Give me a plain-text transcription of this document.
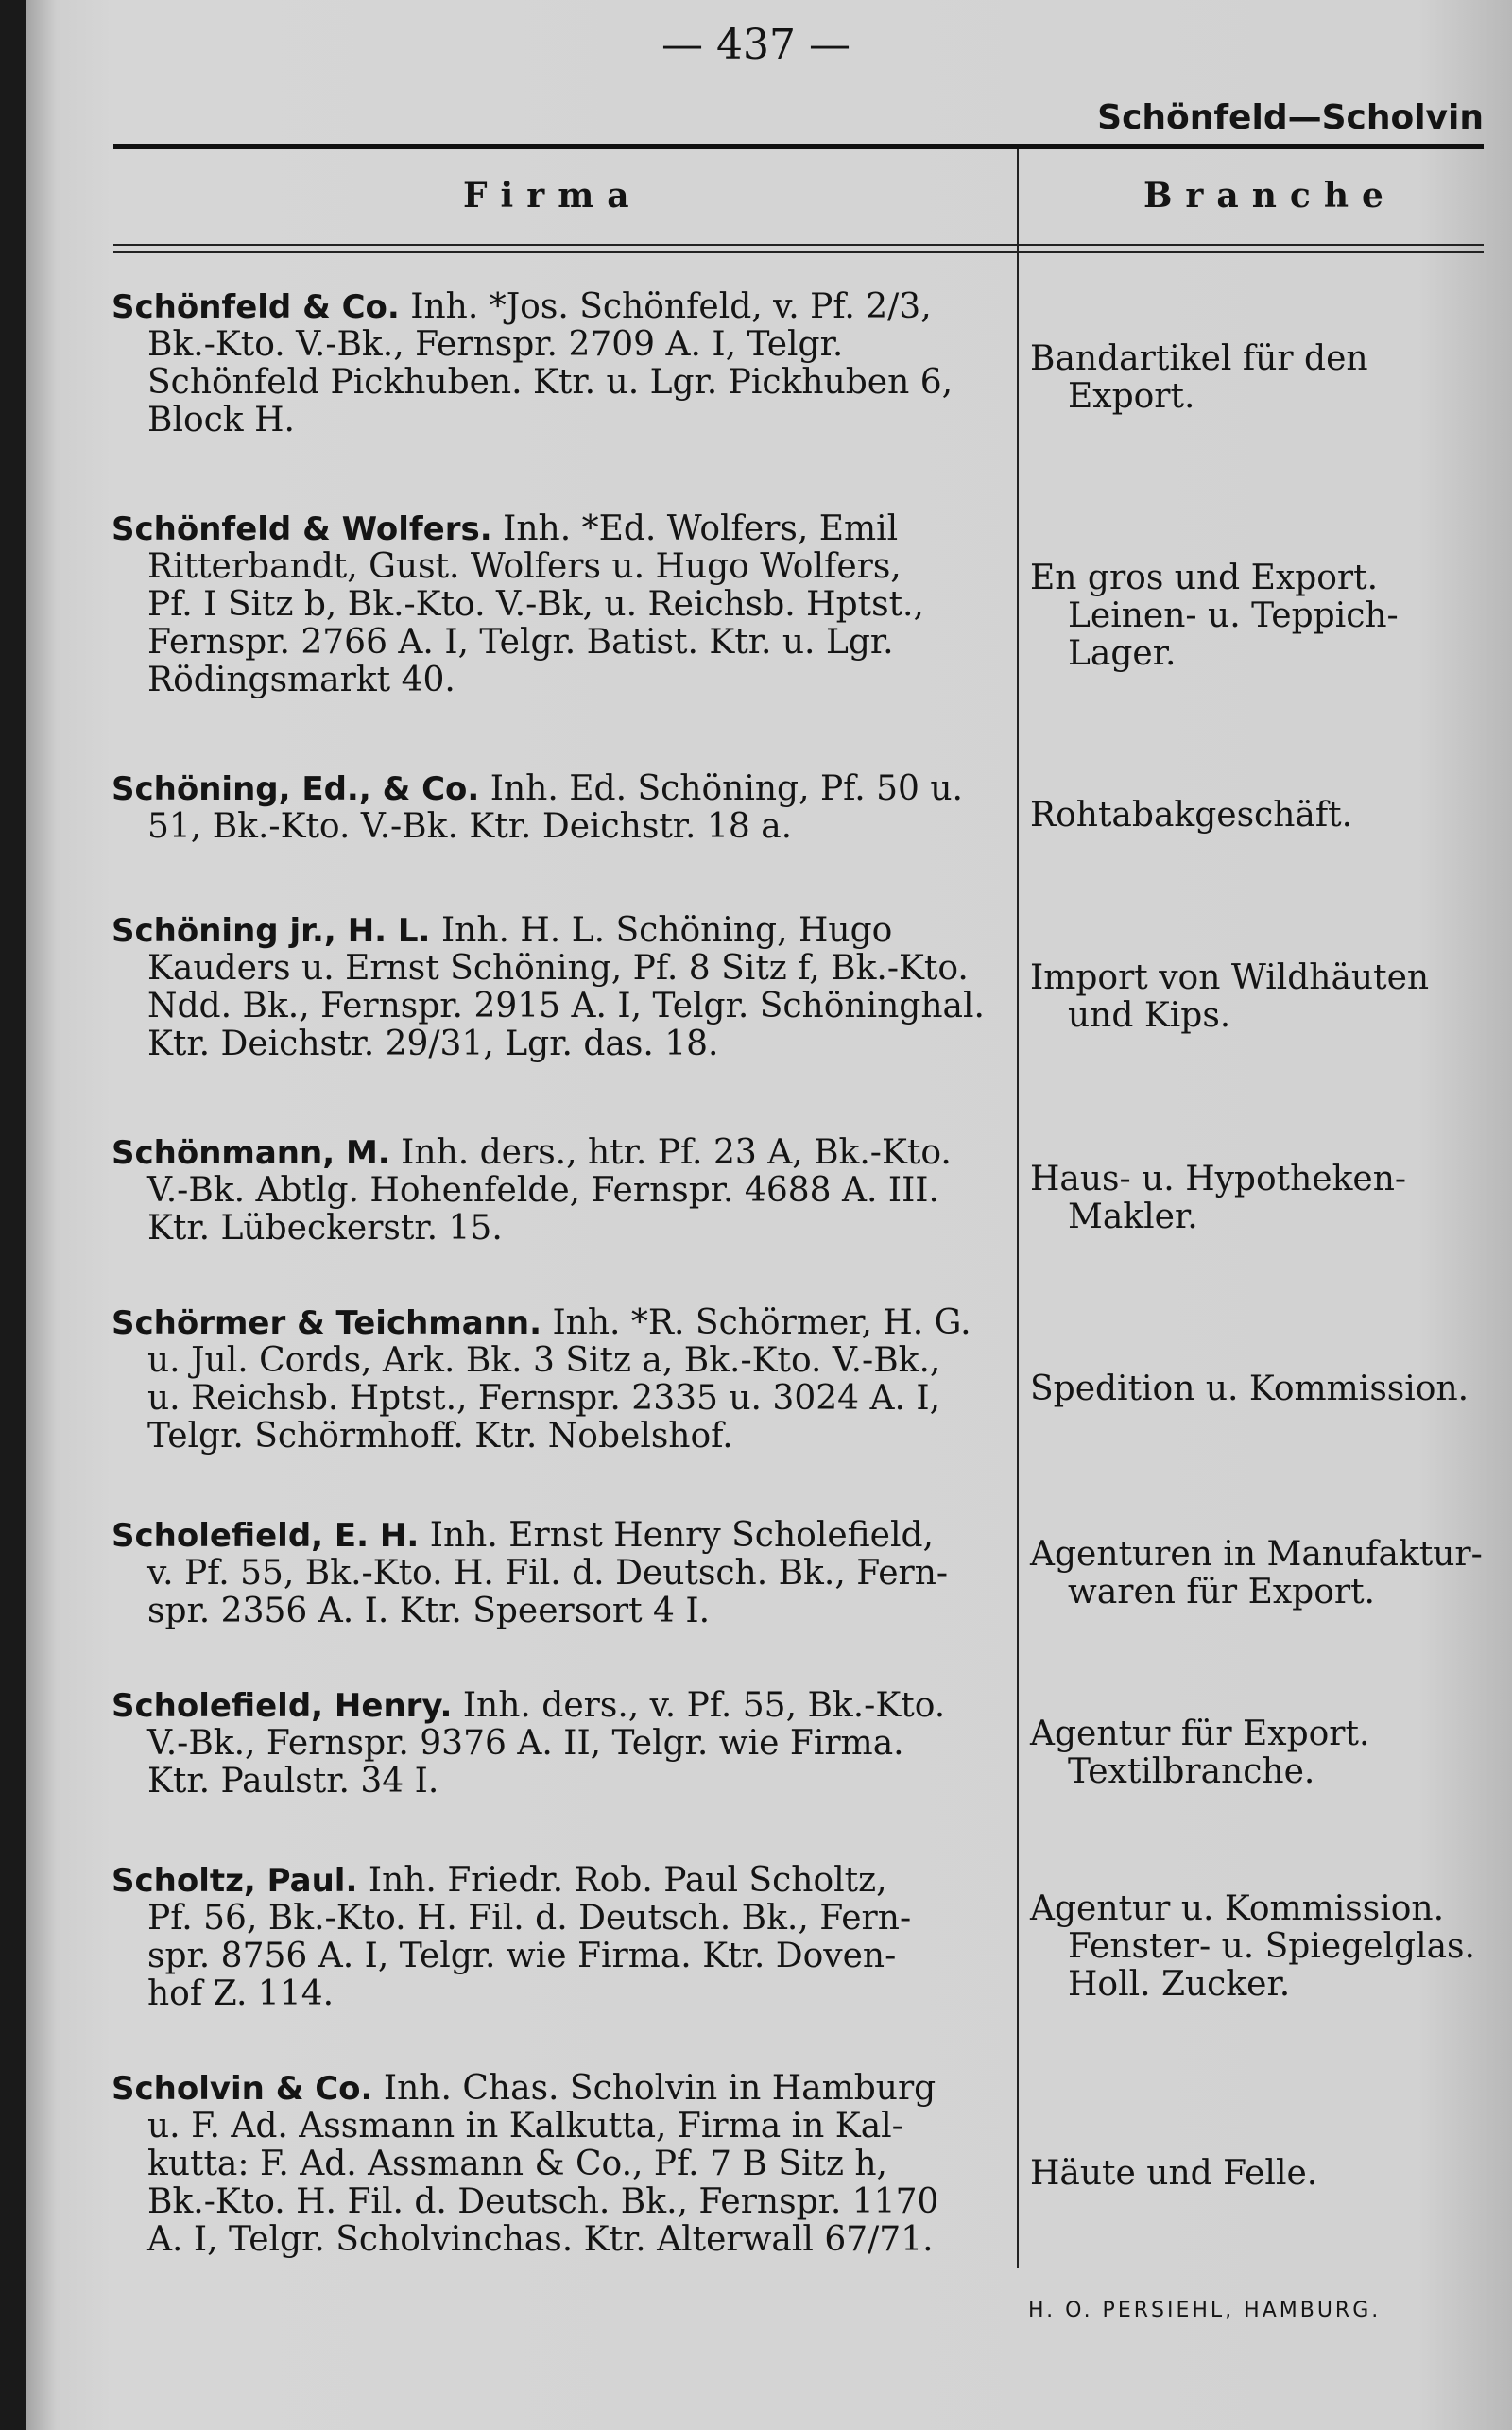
— 437 —
Schönfeld—Scholvin
Firma	Branche
Schönfeld & Co. Inh. *Jos. Schönfeld, v. Pf. 2/3,
Bk.-Kto. V.-Bk., Fernspr. 2709 A. I, Telgr.
Schönfeld Pickhuben. Ktr. u. Lgr. Pickhuben 6,
Block H.
Bandartikel für den
Export.
Schönfeld & Wolfers. Inh. *Ed. Wolfers, Emil
Ritterbandt, Gust. Wolfers u. Hugo Wolfers,
Pf. I Sitz b, Bk.-Kto. V.-Bk, u. Reichsb. Hptst.,
Fernspr. 2766 A. I, Telgr. Batist. Ktr. u. Lgr.
Rödingsmarkt 40.
En gros und Export.
Leinen- u. Teppich-
Lager.
Schöning, Ed., & Co. Inh. Ed. Schöning, Pf. 50 u.
51, Bk.-Kto. V.-Bk. Ktr. Deichstr. 18 a.	Rohtabakgeschäft.
Schöning jr., H. L. Inh. H. L. Schöning, Hugo
Kauders u. Ernst Schöning, Pf. 8 Sitz f, Bk.-Kto.
Ndd. Bk., Fernspr. 2915 A. I, Telgr. Schöninghal.
Ktr. Deichstr. 29/31, Lgr. das. 18.
Import von Wildhäuten
und Kips.
Schönmann, M. Inh. ders., htr. Pf. 23 A, Bk.-Kto.
V.-Bk. Abtlg. Hohenfelde, Fernspr. 4688 A. III.
Ktr. Lübeckerstr. 15.
Haus- u. Hypotheken-
Makler.
Schörmer & Teichmann. Inh. *R. Schörmer, H. G.
u. Jul. Cords, Ark. Bk. 3 Sitz a, Bk.-Kto. V.-Bk.,
u. Reichsb. Hptst., Fernspr. 2335 u. 3024 A. I,
Telgr. Schörmhoff. Ktr. Nobelshof.
Spedition u. Kommission.
Scholefield, E. H. Inh. Ernst Henry Scholefield,
v. Pf. 55, Bk.-Kto. H. Fil. d. Deutsch. Bk., Fern-
spr. 2356 A. I. Ktr. Speersort 4 I.
Agenturen in Manufaktur-
waren für Export.
Scholefield, Henry. Inh. ders., v. Pf. 55, Bk.-Kto.
V.-Bk., Fernspr. 9376 A. II, Telgr. wie Firma.
Ktr. Paulstr. 34 I.
Agentur für Export.
Textilbranche.
Scholtz, Paul. Inh. Friedr. Rob. Paul Scholtz,
Pf. 56, Bk.-Kto. H. Fil. d. Deutsch. Bk., Fern-
spr. 8756 A. I, Telgr. wie Firma. Ktr. Doven-
hof Z. 114.
Agentur u. Kommission.
Fenster- u. Spiegelglas.
Holl. Zucker.
Scholvin & Co. Inh. Chas. Scholvin in Hamburg
u. F. Ad. Assmann in Kalkutta, Firma in Kal-
kutta: F. Ad. Assmann & Co., Pf. 7 B Sitz h,
Bk.-Kto. H. Fil. d. Deutsch. Bk., Fernspr. 1170
A. I, Telgr. Scholvinchas. Ktr. Alterwall 67/71.
Häute und Felle.
H. O. PERSIEHL, HAMBURG.
